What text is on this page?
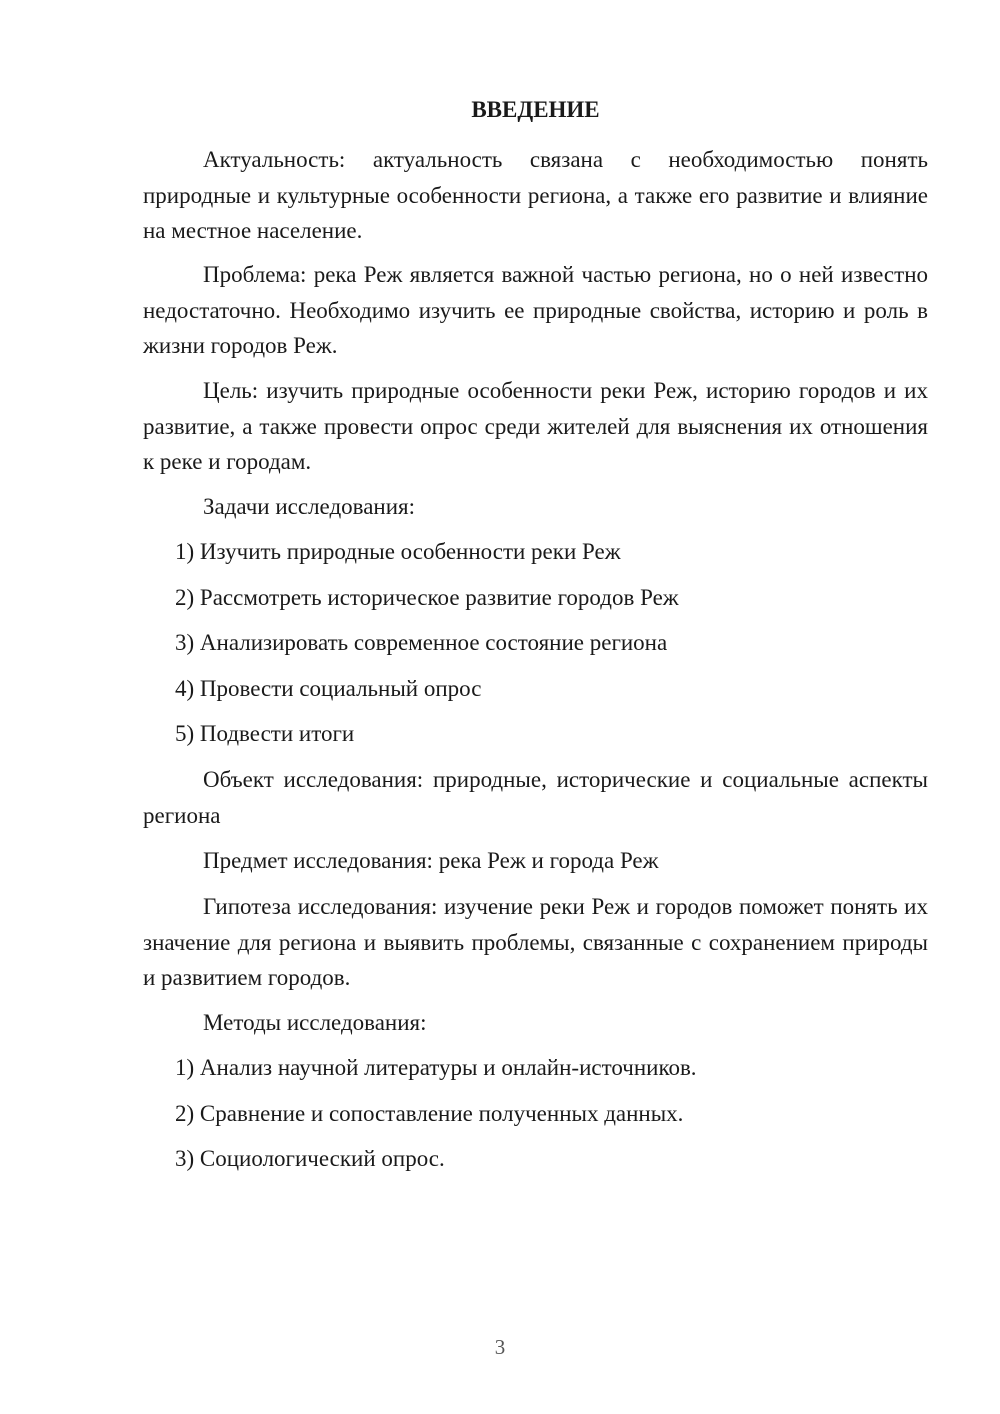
ВВЕДЕНИЕ

Актуальность: актуальность связана с необходимостью понять природные и культурные особенности региона, а также его развитие и влияние на местное население.

Проблема: река Реж является важной частью региона, но о ней известно недостаточно. Необходимо изучить ее природные свойства, историю и роль в жизни городов Реж.

Цель: изучить природные особенности реки Реж, историю городов и их развитие, а также провести опрос среди жителей для выяснения их отношения к реке и городам.

Задачи исследования:

1) Изучить природные особенности реки Реж

2) Рассмотреть историческое развитие городов Реж

3) Анализировать современное состояние региона

4) Провести социальный опрос

5) Подвести итоги

Объект исследования: природные, исторические и социальные аспекты региона

Предмет исследования: река Реж и города Реж

Гипотеза исследования: изучение реки Реж и городов поможет понять их значение для региона и выявить проблемы, связанные с сохранением природы и развитием городов.

Методы исследования:

1) Анализ научной литературы и онлайн-источников.

2) Сравнение и сопоставление полученных данных.

3) Социологический опрос.

3
